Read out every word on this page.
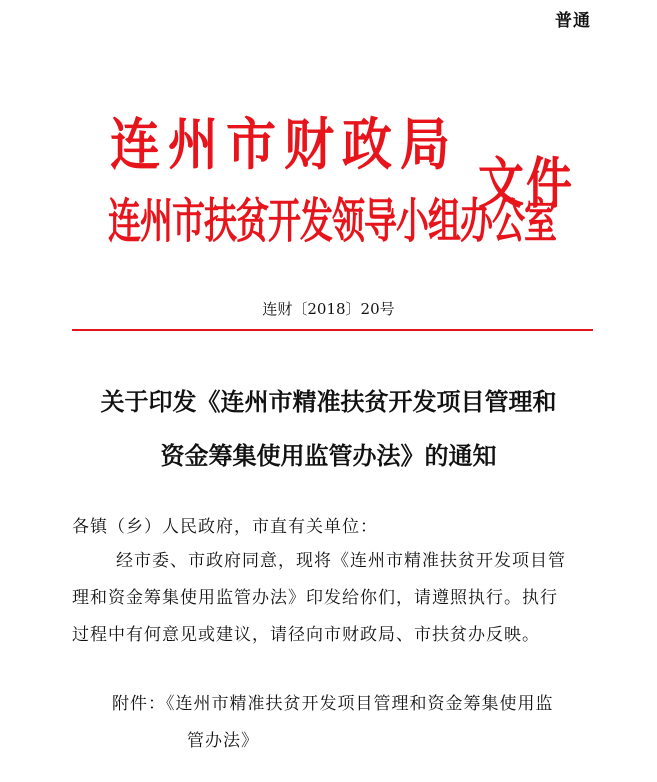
普通
连州市财政局
连州市扶贫开发领导小组办公室
文件
连财〔2018〕20号
关于印发《连州市精准扶贫开发项目管理和
资金筹集使用监管办法》的通知
各镇（乡）人民政府，市直有关单位：
经市委、市政府同意，现将《连州市精准扶贫开发项目管
理和资金筹集使用监管办法》印发给你们，请遵照执行。执行
过程中有何意见或建议，请径向市财政局、市扶贫办反映。
附件：《连州市精准扶贫开发项目管理和资金筹集使用监
管办法》
